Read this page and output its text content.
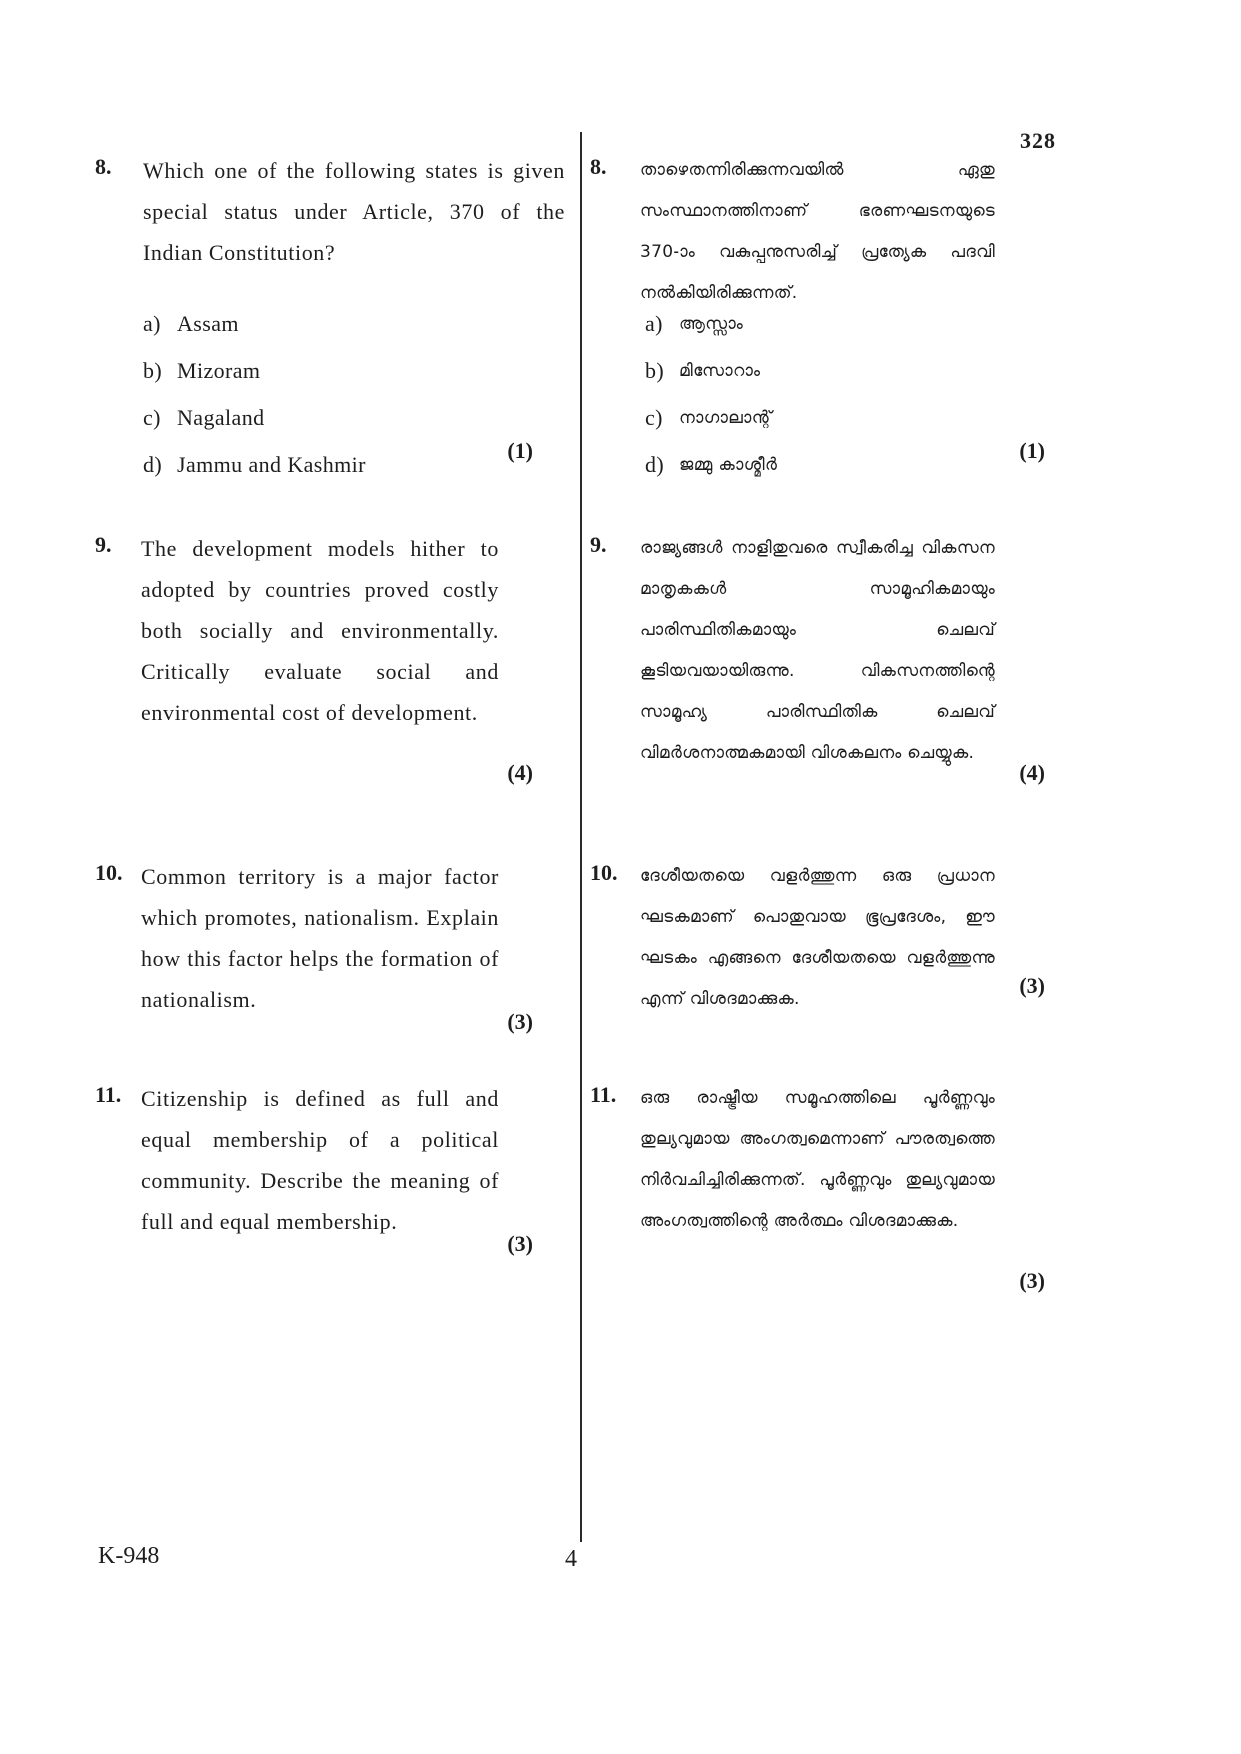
328
8. Which one of the following states is given special status under Article, 370 of the Indian Constitution?
a) Assam
b) Mizoram
c) Nagaland
d) Jammu and Kashmir
(1)
9. The development models hither to adopted by countries proved costly both socially and environmentally. Critically evaluate social and environmental cost of development.
(4)
10. Common territory is a major factor which promotes, nationalism. Explain how this factor helps the formation of nationalism.
(3)
11. Citizenship is defined as full and equal membership of a political community. Describe the meaning of full and equal membership.
(3)
8. താഴെതന്നിരിക്കുന്നവയിൽ ഏതു സംസ്ഥാനത്തിനാണ് ഭരണഘടനയുടെ 370-ാം വകുപ്പനുസരിച്ച് പ്രത്യേക പദവി നൽകിയിരിക്കുന്നത്.
a) ആസ്സാം
b) മിസോറാം
c) നാഗാലാന്റ്
d) ജമ്മു കാശ്മീർ
(1)
9. രാജ്യങ്ങൾ നാളിതുവരെ സ്വീകരിച്ച വികസന മാതൃകകൾ സാമൂഹികമായും പാരിസ്ഥിതികമായും ചെലവ് കൂടിയവയായിരുന്നു. വികസനത്തിന്റെ സാമൂഹ്യ പാരിസ്ഥിതിക ചെലവ് വിമർശനാത്മകമായി വിശകലനം ചെയ്യുക.
(4)
10. ദേശീയതയെ വളർത്തുന്ന ഒരു പ്രധാന ഘടകമാണ് പൊതുവായ ഭൂപ്രദേശം, ഈ ഘടകം എങ്ങനെ ദേശീയതയെ വളർത്തുന്നു എന്ന് വിശദമാക്കുക.
(3)
11. ഒരു രാഷ്ട്രീയ സമൂഹത്തിലെ പൂർണ്ണവും തുല്യവുമായ അംഗത്വമെന്നാണ് പൗരത്വത്തെ നിർവചിച്ചിരിക്കുന്നത്. പൂർണ്ണവും തുല്യവുമായ അംഗത്വത്തിന്റെ അർത്ഥം വിശദമാക്കുക.
(3)
K-948	4
